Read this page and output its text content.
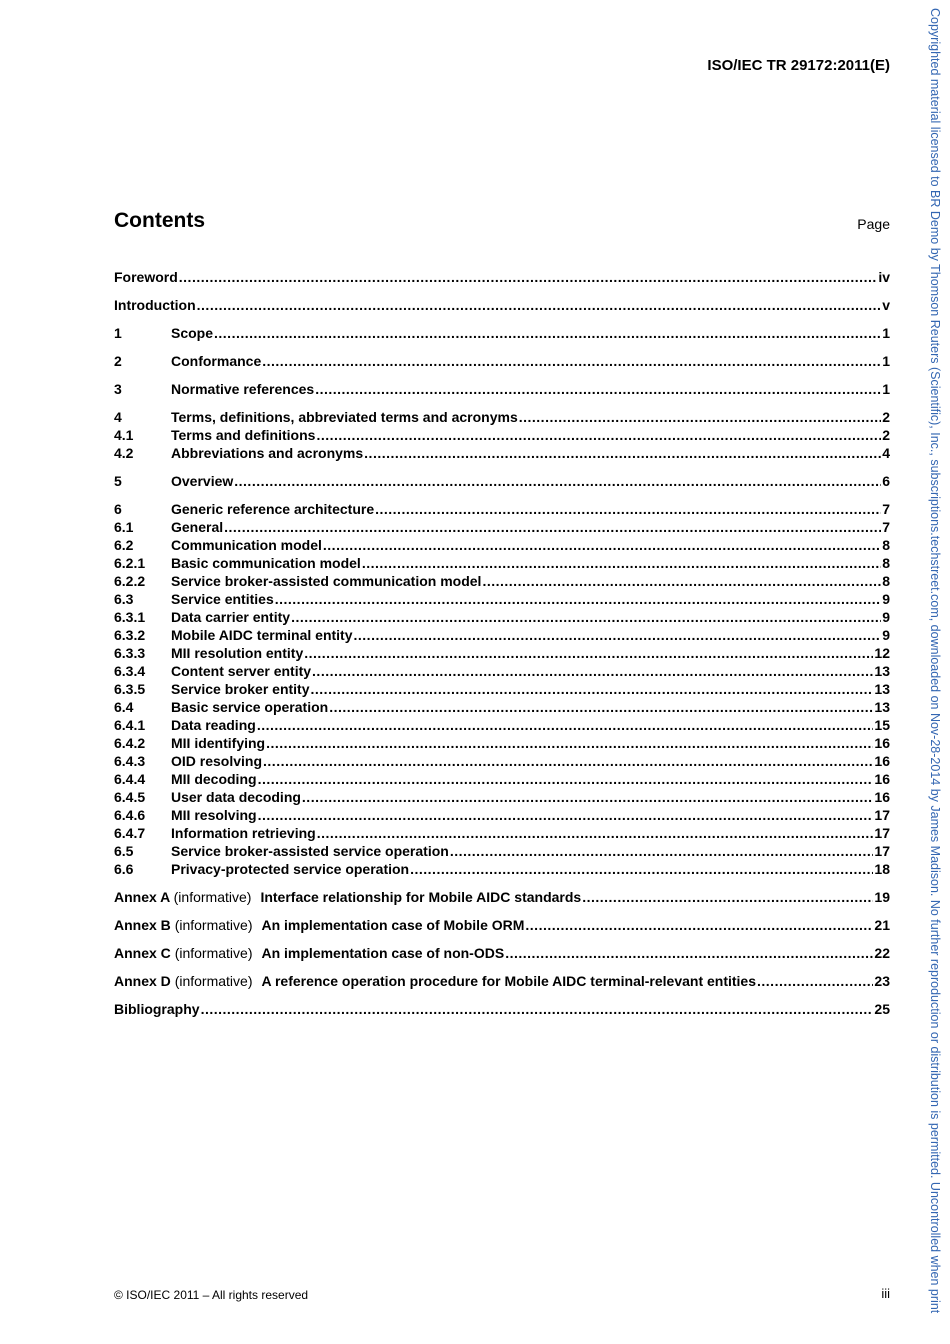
ISO/IEC TR 29172:2011(E)
Contents	Page
Foreword .....	iv
Introduction .....	v
1	Scope .....	1
2	Conformance .....	1
3	Normative references .....	1
4	Terms, definitions, abbreviated terms and acronyms .....	2
4.1	Terms and definitions .....	2
4.2	Abbreviations and acronyms .....	4
5	Overview .....	6
6	Generic reference architecture .....	7
6.1	General .....	7
6.2	Communication model .....	8
6.2.1	Basic communication model .....	8
6.2.2	Service broker-assisted communication model .....	8
6.3	Service entities .....	9
6.3.1	Data carrier entity .....	9
6.3.2	Mobile AIDC terminal entity .....	9
6.3.3	MII resolution entity .....	12
6.3.4	Content server entity .....	13
6.3.5	Service broker entity .....	13
6.4	Basic service operation .....	13
6.4.1	Data reading .....	15
6.4.2	MII identifying .....	16
6.4.3	OID resolving .....	16
6.4.4	MII decoding .....	16
6.4.5	User data decoding .....	16
6.4.6	MII resolving .....	17
6.4.7	Information retrieving .....	17
6.5	Service broker-assisted service operation .....	17
6.6	Privacy-protected service operation .....	18
Annex A (informative) Interface relationship for Mobile AIDC standards .....	19
Annex B (informative) An implementation case of Mobile ORM .....	21
Annex C (informative) An implementation case of non-ODS .....	22
Annex D (informative) A reference operation procedure for Mobile AIDC terminal-relevant entities .....	23
Bibliography .....	25
© ISO/IEC 2011 – All rights reserved	iii	Copyrighted material licensed to BR Demo by Thomson Reuters (Scientific), Inc., subscriptions.techstreet.com, downloaded on Nov-28-2014 by James Madison. No further reproduction or distribution is permitted. Uncontrolled when print
